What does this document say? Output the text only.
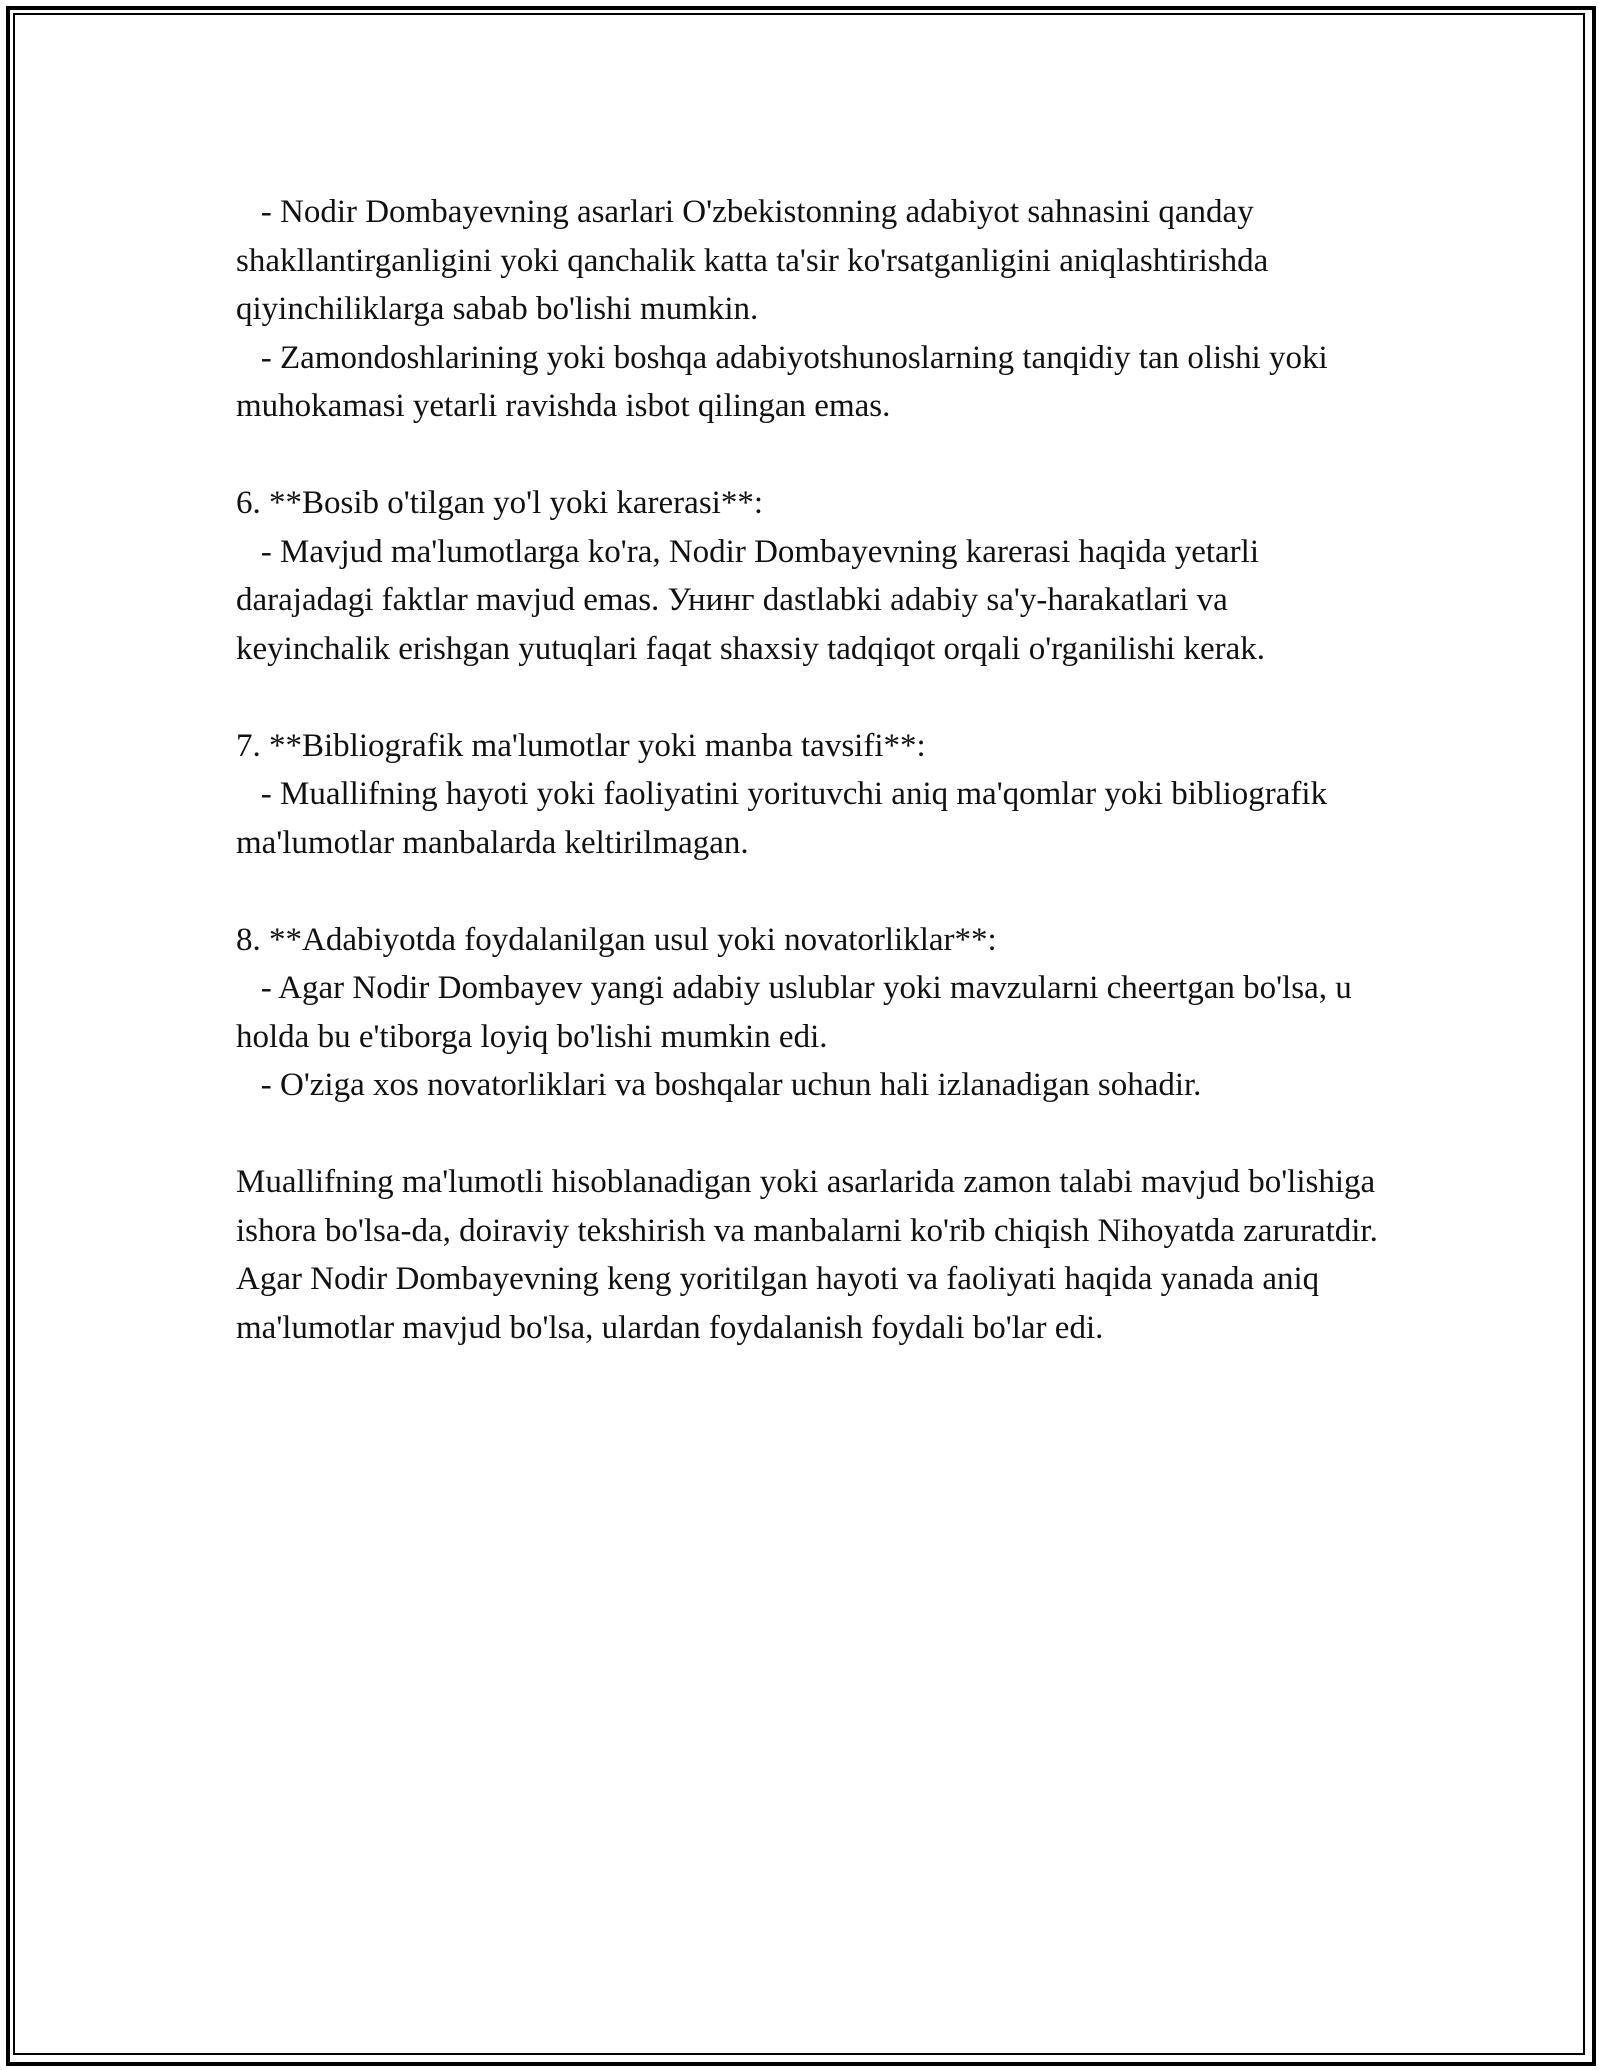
- Nodir Dombayevning asarlari O'zbekistonning adabiyot sahnasini qanday shakllantirganligini yoki qanchalik katta ta'sir ko'rsatganligini aniqlashtirishda qiyinchiliklarga sabab bo'lishi mumkin.

- Zamondoshlarining yoki boshqa adabiyotshunoslarning tanqidiy tan olishi yoki muhokamasi yetarli ravishda isbot qilingan emas.

6. **Bosib o'tilgan yo'l yoki karerasi**:

- Mavjud ma'lumotlarga ko'ra, Nodir Dombayevning karerasi haqida yetarli darajadagi faktlar mavjud emas. Унинг dastlabki adabiy sa'y-harakatlari va keyinchalik erishgan yutuqlari faqat shaxsiy tadqiqot orqali o'rganilishi kerak.

7. **Bibliografik ma'lumotlar yoki manba tavsifi**:

- Muallifning hayoti yoki faoliyatini yorituvchi aniq ma'qomlar yoki bibliografik ma'lumotlar manbalarda keltirilmagan.

8. **Adabiyotda foydalanilgan usul yoki novatorliklar**:

- Agar Nodir Dombayev yangi adabiy uslublar yoki mavzularni cheertgan bo'lsa, u holda bu e'tiborga loyiq bo'lishi mumkin edi.

- O'ziga xos novatorliklari va boshqalar uchun hali izlanadigan sohadir.

Muallifning ma'lumotli hisoblanadigan yoki asarlarida zamon talabi mavjud bo'lishiga ishora bo'lsa-da, doiraviy tekshirish va manbalarni ko'rib chiqish Nihoyatda zaruratdir. Agar Nodir Dombayevning keng yoritilgan hayoti va faoliyati haqida yanada aniq ma'lumotlar mavjud bo'lsa, ulardan foydalanish foydali bo'lar edi.
